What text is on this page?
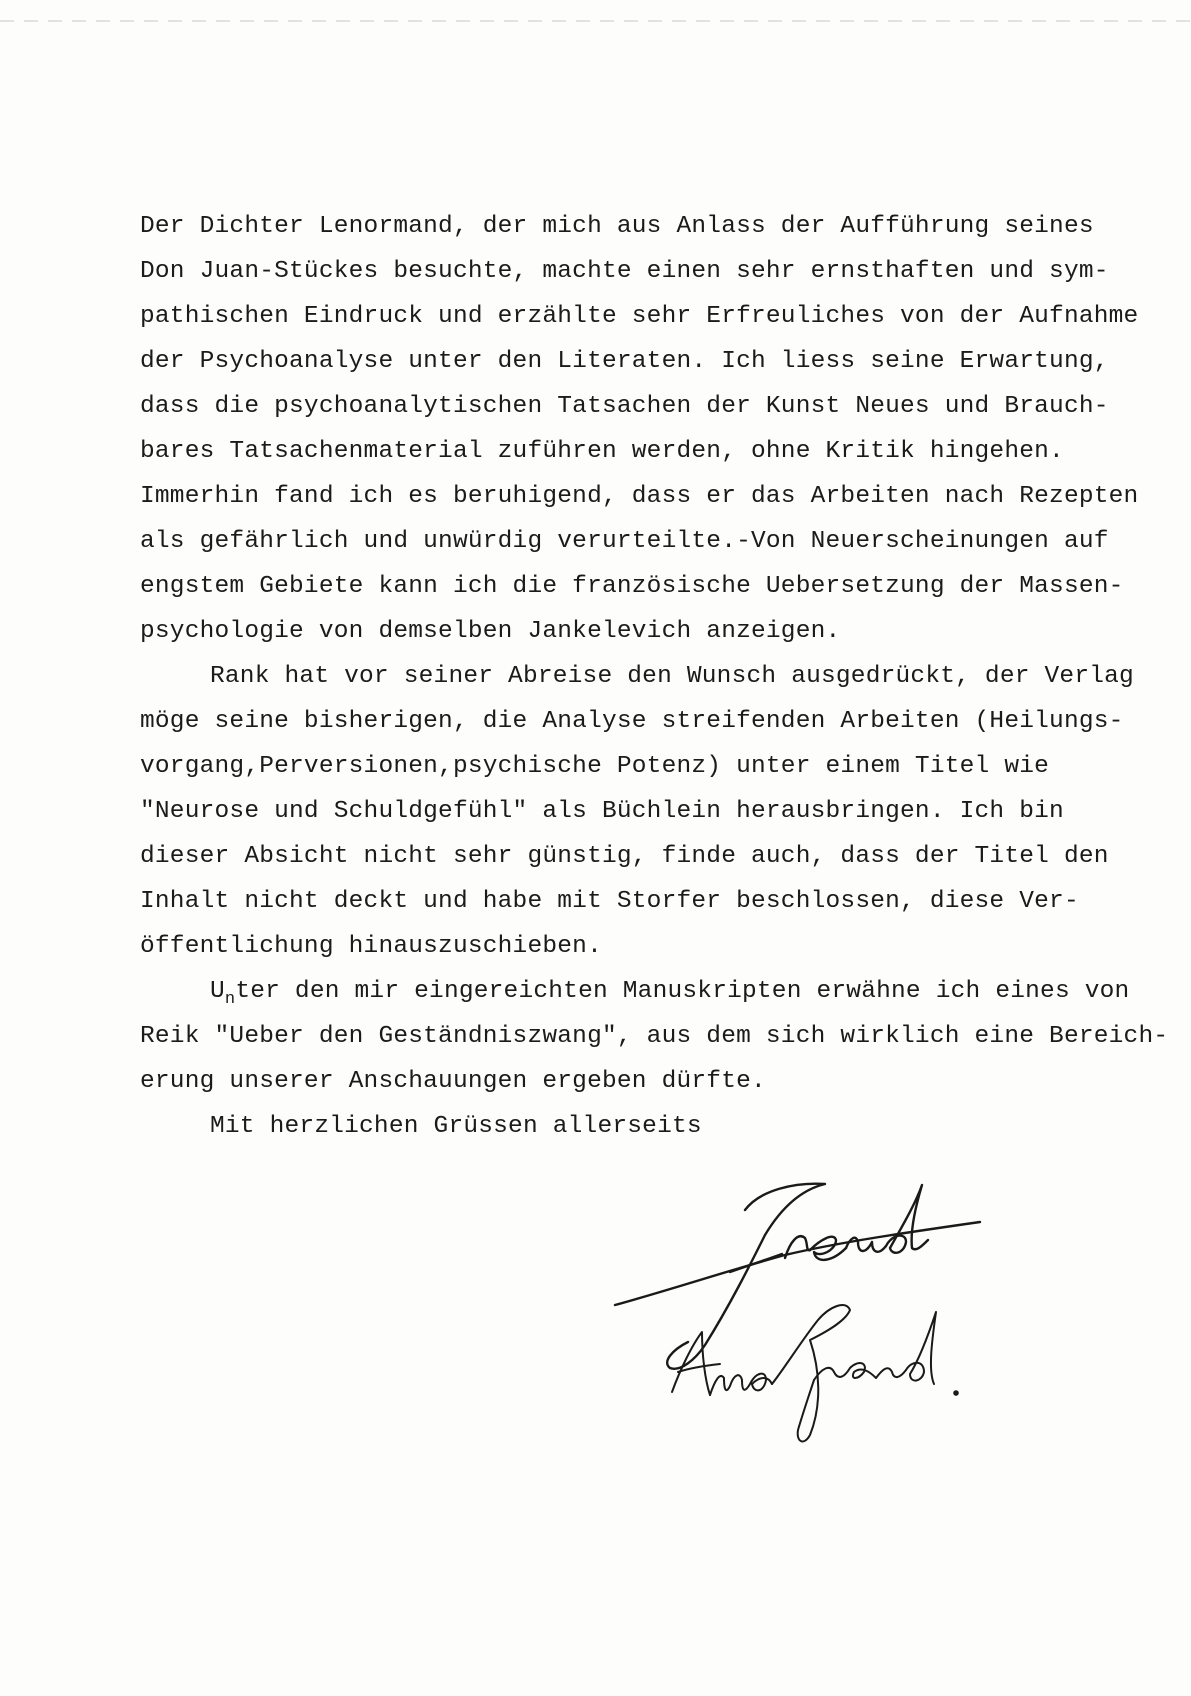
Der Dichter Lenormand, der mich aus Anlass der Aufführung seines
Don Juan-Stückes besuchte, machte einen sehr ernsthaften und sym-
pathischen Eindruck und erzählte sehr Erfreuliches von der Aufnahme
der Psychoanalyse unter den Literaten. Ich liess seine Erwartung,
dass die psychoanalytischen Tatsachen der Kunst Neues und Brauch-
bares Tatsachenmaterial zuführen werden, ohne Kritik hingehen.
Immerhin fand ich es beruhigend, dass er das Arbeiten nach Rezepten
als gefährlich und unwürdig verurteilte.-Von Neuerscheinungen auf
engstem Gebiete kann ich die französische Uebersetzung der Massen-
psychologie von demselben Jankelevich anzeigen.
Rank hat vor seiner Abreise den Wunsch ausgedrückt, der Verlag
möge seine bisherigen, die Analyse streifenden Arbeiten (Heilungs-
vorgang,Perversionen,psychische Potenz) unter einem Titel wie
"Neurose und Schuldgefühl" als Büchlein herausbringen. Ich bin
dieser Absicht nicht sehr günstig, finde auch, dass der Titel den
Inhalt nicht deckt und habe mit Storfer beschlossen, diese Ver-
öffentlichung hinauszuschieben.
$U_nter$ den mir eingereichten Manuskripten erwähne ich eines von
Reik "Ueber den Geständniszwang", aus dem sich wirklich eine Bereich-
erung unserer Anschauungen ergeben dürfte.
Mit herzlichen Grüssen allerseits
